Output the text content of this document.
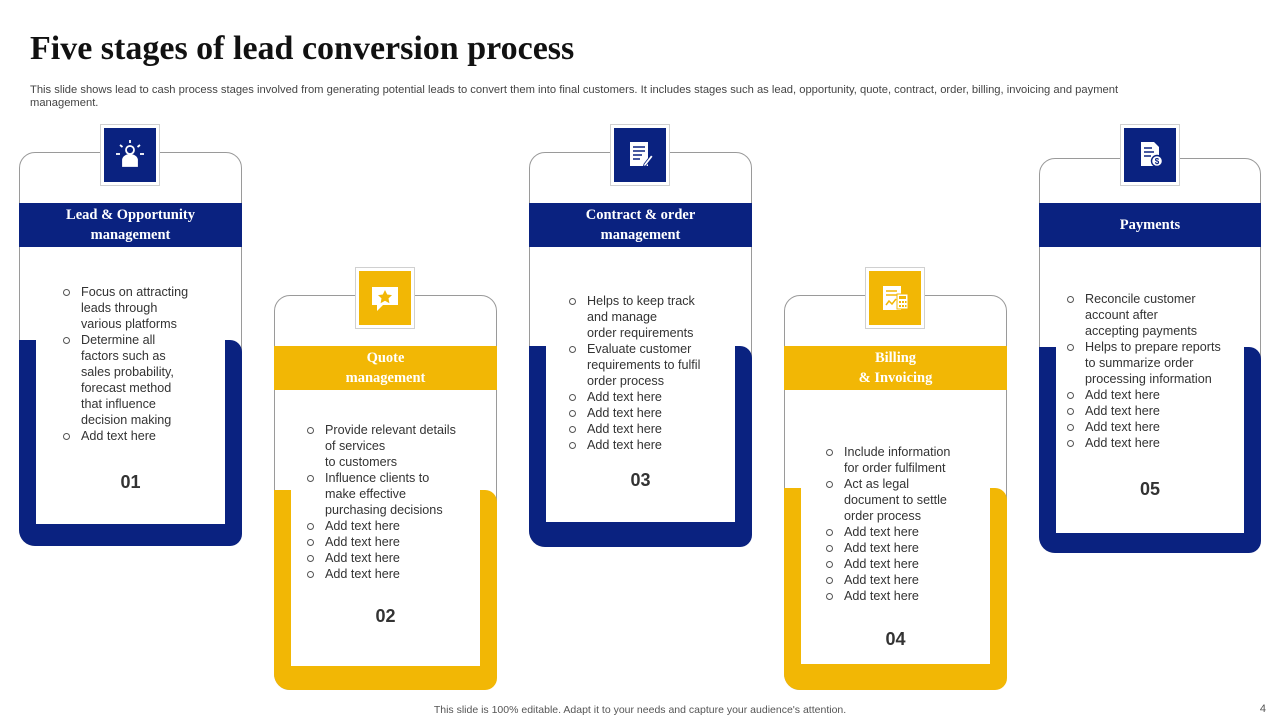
Five stages of lead conversion process
This slide shows lead to cash process stages involved from generating potential leads to convert them into final customers. It includes stages such as lead, opportunity, quote, contract, order, billing, invoicing and payment management.
Lead & Opportunity
management
Focus on attracting
leads through
various platforms
Determine all
factors such as
sales probability,
forecast method
that influence
decision making
Add text here
01
Quote
management
Provide relevant details
of services
to customers
Influence clients to
make effective
purchasing decisions
Add text here
Add text here
Add text here
Add text here
02
Contract & order
management
Helps to keep track
and manage
order requirements
Evaluate customer
requirements to fulfil
order process
Add text here
Add text here
Add text here
Add text here
03
Billing
& Invoicing
Include information
for order fulfilment
Act as legal
document to settle
order process
Add text here
Add text here
Add text here
Add text here
Add text here
04
Payments
$
Reconcile customer
account after
accepting payments
Helps to prepare reports
to summarize order
processing information
Add text here
Add text here
Add text here
Add text here
05
This slide is 100% editable. Adapt it to your needs and capture your audience's attention.	4
